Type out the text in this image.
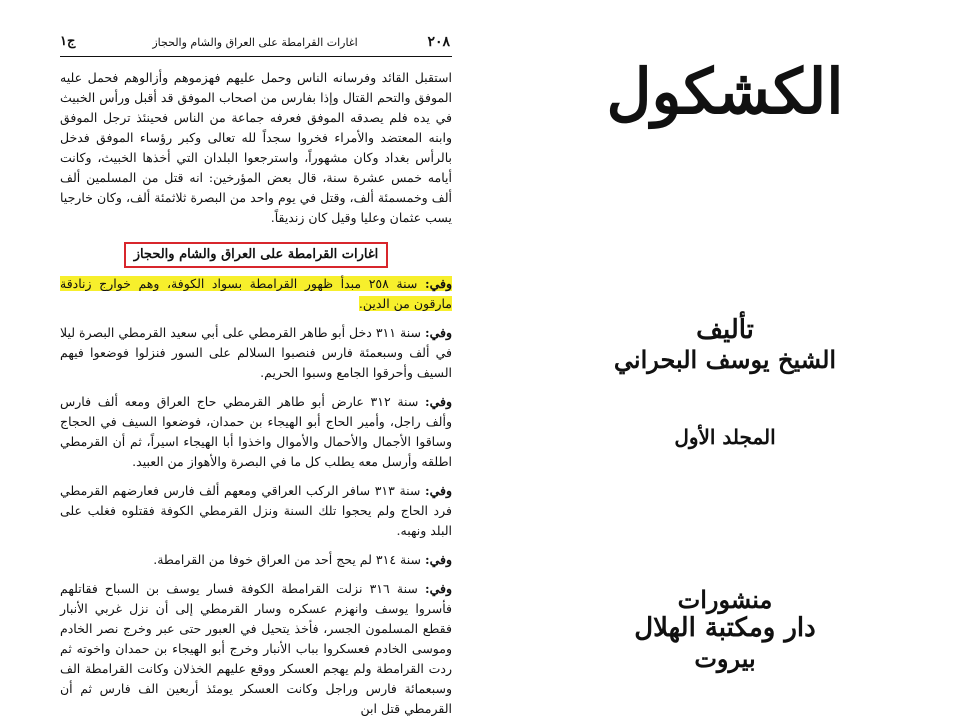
٢٠٨
اغارات القرامطة على العراق والشام والحجاز
ج١

استقبل القائد وفرسانه الناس وحمل عليهم فهزموهم وأزالوهم فحمل عليه الموفق والتحم القتال وإذا بفارس من اصحاب الموفق قد أقبل ورأس الخبيث في يده فلم يصدقه الموفق فعرفه جماعة من الناس فحينئذ ترجل الموفق وابنه المعتضد والأمراء فخروا سجداً لله تعالى وكبر رؤساء الموفق فدخل بالرأس بغداد وكان مشهوراً، واسترجعوا البلدان التي أخذها الخبيث، وكانت أيامه خمس عشرة سنة، قال بعض المؤرخين: انه قتل من المسلمين ألف ألف وخمسمئة ألف، وقتل في يوم واحد من البصرة ثلاثمئة ألف، وكان خارجيا يسب عثمان وعليا وقيل كان زنديقاً.

اغارات القرامطة على العراق والشام والحجاز

وفي: سنة ٢٥٨ مبدأ ظهور القرامطة بسواد الكوفة، وهم خوارج زنادقة مارقون من الدين.

وفي: سنة ٣١١ دخل أبو طاهر القرمطي على أبي سعيد القرمطي البصرة ليلا في ألف وسبعمئة فارس فنصبوا السلالم على السور فنزلوا فوضعوا فيهم السيف وأحرقوا الجامع وسبوا الحريم.

وفي: سنة ٣١٢ عارض أبو طاهر القرمطي حاج العراق ومعه ألف فارس وألف راجل، وأمير الحاج أبو الهيجاء بن حمدان، فوضعوا السيف في الحجاج وساقوا الأجمال والأحمال والأموال واخذوا أبا الهيجاء اسيراً، ثم أن القرمطي اطلقه وأرسل معه يطلب كل ما في البصرة والأهواز من العبيد.

وفي: سنة ٣١٣ سافر الركب العراقي ومعهم ألف فارس فعارضهم القرمطي فرد الحاج ولم يحجوا تلك السنة ونزل القرمطي الكوفة فقتلوه فغلب على البلد ونهبه.

وفي: سنة ٣١٤ لم يحج أحد من العراق خوفا من القرامطة.

وفي: سنة ٣١٦ نزلت القرامطة الكوفة فسار يوسف بن السباح فقاتلهم فأسروا يوسف وانهزم عسكره وسار القرمطي إلى أن نزل غربي الأنبار فقطع المسلمون الجسر، فأخذ يتحيل في العبور حتى عبر وخرج نصر الخادم وموسى الخادم فعسكروا بباب الأنبار وخرج أبو الهيجاء بن حمدان واخوته ثم ردت القرامطة ولم يهجم العسكر ووقع عليهم الخذلان وكانت القرامطة الف وسبعمائة فارس وراجل وكانت العسكر يومئذ أربعين الف فارس ثم أن القرمطي قتل ابن

الكشكول
تأليف
الشيخ يوسف البحراني
المجلد الأول
منشورات
دار ومكتبة الهلال
بيروت
